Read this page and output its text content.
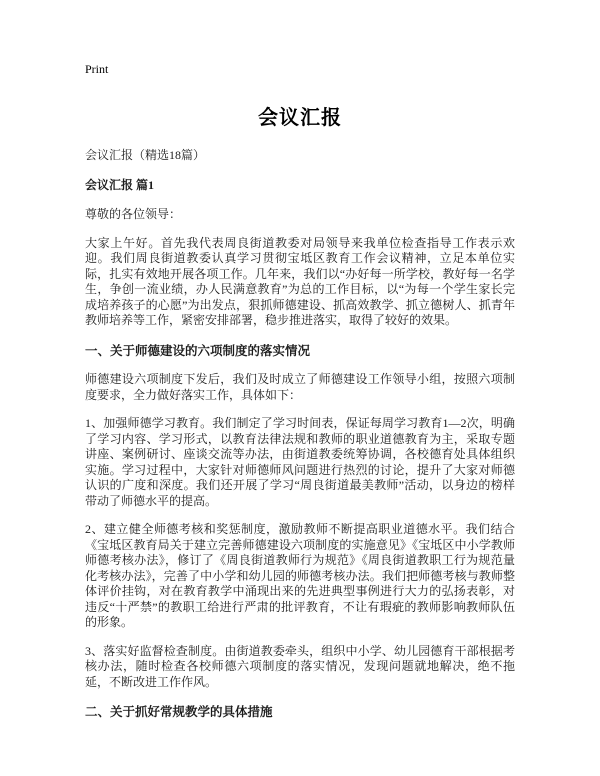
Print
会议汇报

会议汇报（精选18篇）

会议汇报 篇1

尊敬的各位领导：

大家上午好。首先我代表周良街道教委对局领导来我单位检查指导工作表示欢迎。我们周良街道教委认真学习贯彻宝坻区教育工作会议精神，立足本单位实际，扎实有效地开展各项工作。几年来，我们以“办好每一所学校，教好每一名学生，争创一流业绩，办人民满意教育”为总的工作目标，以“为每一个学生家长完成培养孩子的心愿”为出发点，狠抓师德建设、抓高效教学、抓立德树人、抓青年教师培养等工作，紧密安排部署，稳步推进落实，取得了较好的效果。

一、关于师德建设的六项制度的落实情况

师德建设六项制度下发后，我们及时成立了师德建设工作领导小组，按照六项制度要求，全力做好落实工作，具体如下：

1、加强师德学习教育。我们制定了学习时间表，保证每周学习教育1—2次，明确了学习内容、学习形式，以教育法律法规和教师的职业道德教育为主，采取专题讲座、案例研讨、座谈交流等办法，由街道教委统筹协调，各校德育处具体组织实施。学习过程中，大家针对师德师风问题进行热烈的讨论，提升了大家对师德认识的广度和深度。我们还开展了学习“周良街道最美教师”活动，以身边的榜样带动了师德水平的提高。

2、建立健全师德考核和奖惩制度，激励教师不断提高职业道德水平。我们结合《宝坻区教育局关于建立完善师德建设六项制度的实施意见》《宝坻区中小学教师师德考核办法》，修订了《周良街道教师行为规范》《周良街道教职工行为规范量化考核办法》，完善了中小学和幼儿园的师德考核办法。我们把师德考核与教师整体评价挂钩，对在教育教学中涌现出来的先进典型事例进行大力的弘扬表彰，对违反“十严禁”的教职工给进行严肃的批评教育，不让有瑕疵的教师影响教师队伍的形象。

3、落实好监督检查制度。由街道教委牵头，组织中小学、幼儿园德育干部根据考核办法，随时检查各校师德六项制度的落实情况，发现问题就地解决，绝不拖延，不断改进工作作风。

二、关于抓好常规教学的具体措施
